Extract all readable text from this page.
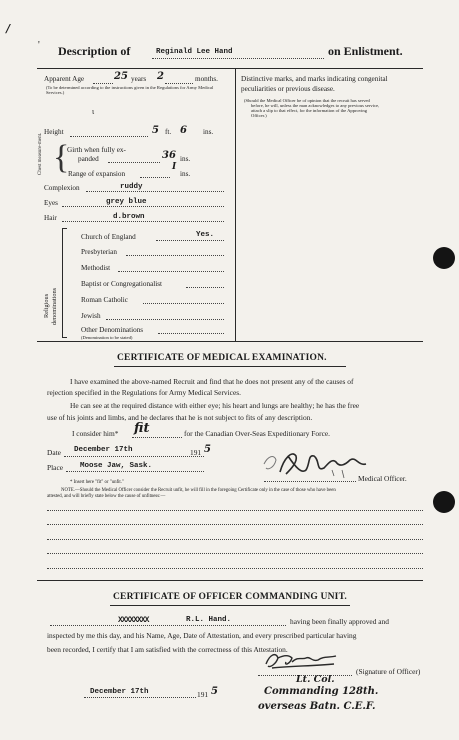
/
' Description of	Reginald Lee Hand	on Enlistment.
Apparent Age	25 years 2	months.
(To be determined according to the instructions given in the Regulations for Army Medical Services.)
Distinctive marks, and marks indicating congenital
peculiarities or previous disease.
(Should the Medical Officer be of opinion that the recruit has served
before, he will, unless the man acknowledges to any previous service,
attach a slip to that effect, for the information of the Approving
Officer.)
ι
Height	5 ft. 6 ins.
Chest measure-ment. {
Girth when fully ex-
panded	36 ins.
Range of expansion
I
ins.
Complexion	ruddy
Eyes	grey blue
Hair	d.brown
Religious denominations
Church of England	Yes.
Presbyterian
Methodist
Baptist or Congregationalist
Roman Catholic
Jewish
Other Denominations
(Denomination to be stated)
CERTIFICATE OF MEDICAL EXAMINATION.
I have examined the above-named Recruit and find that he does not present any of the causes of
rejection specified in the Regulations for Army Medical Services.
He can see at the required distance with either eye; his heart and lungs are healthy; he has the free
use of his joints and limbs, and he declares that he is not subject to fits of any description.
I consider him* fit	for the Canadian Over-Seas Expeditionary Force.
Date December 17th	191 5
Place Moose Jaw, Sask.
Medical Officer.
* Insert here "fit" or "unfit."
NOTE.—Should the Medical Officer consider the Recruit unfit, he will fill in the foregoing Certificate only in the case of those who have been
attested, and will briefly state below the cause of unfitness:—
CERTIFICATE OF OFFICER COMMANDING UNIT.
XXXXXXXX	R.L. Hand.	having been finally approved and
inspected by me this day, and his Name, Age, Date of Attestation, and every prescribed particular having
been recorded, I certify that I am satisfied with the correctness of this Attestation.
(Signature of Officer)
Lt. Col.
December 17th	191 5	Commanding 128th.
overseas Batn. C.E.F.
